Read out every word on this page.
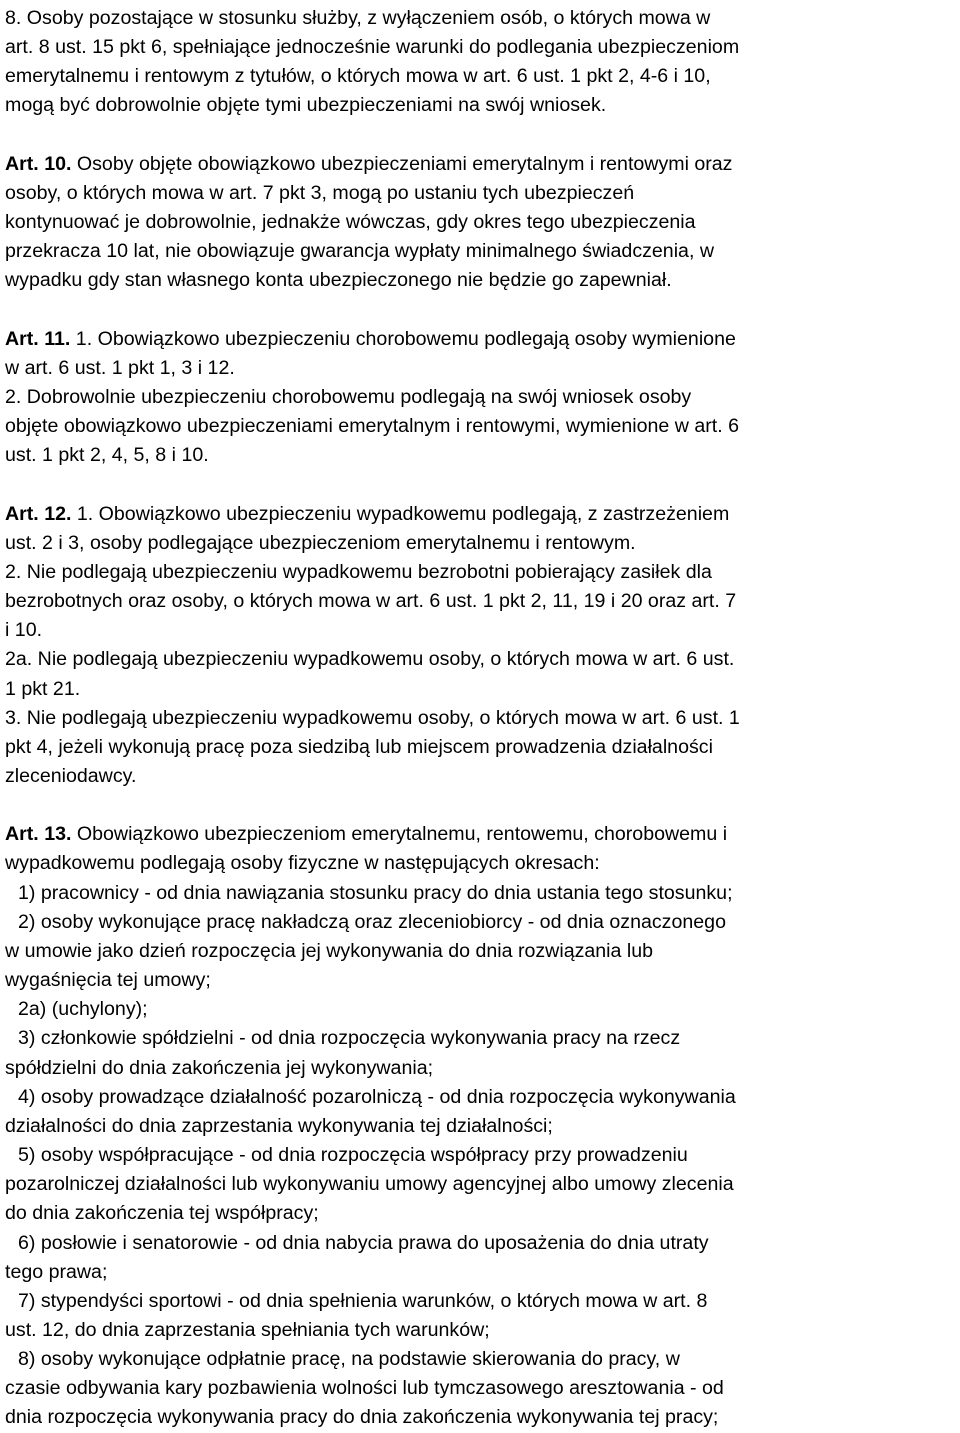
8. Osoby pozostające w stosunku służby, z wyłączeniem osób, o których mowa w
art. 8 ust. 15 pkt 6, spełniające jednocześnie warunki do podlegania ubezpieczeniom
emerytalnemu i rentowym z tytułów, o których mowa w art. 6 ust. 1 pkt 2, 4-6 i 10,
mogą być dobrowolnie objęte tymi ubezpieczeniami na swój wniosek.
Art. 10. Osoby objęte obowiązkowo ubezpieczeniami emerytalnym i rentowymi oraz
osoby, o których mowa w art. 7 pkt 3, mogą po ustaniu tych ubezpieczeń
kontynuować je dobrowolnie, jednakże wówczas, gdy okres tego ubezpieczenia
przekracza 10 lat, nie obowiązuje gwarancja wypłaty minimalnego świadczenia, w
wypadku gdy stan własnego konta ubezpieczonego nie będzie go zapewniał.
Art. 11. 1. Obowiązkowo ubezpieczeniu chorobowemu podlegają osoby wymienione
w art. 6 ust. 1 pkt 1, 3 i 12.
2. Dobrowolnie ubezpieczeniu chorobowemu podlegają na swój wniosek osoby
objęte obowiązkowo ubezpieczeniami emerytalnym i rentowymi, wymienione w art. 6
ust. 1 pkt 2, 4, 5, 8 i 10.
Art. 12. 1. Obowiązkowo ubezpieczeniu wypadkowemu podlegają, z zastrzeżeniem
ust. 2 i 3, osoby podlegające ubezpieczeniom emerytalnemu i rentowym.
2. Nie podlegają ubezpieczeniu wypadkowemu bezrobotni pobierający zasiłek dla
bezrobotnych oraz osoby, o których mowa w art. 6 ust. 1 pkt 2, 11, 19 i 20 oraz art. 7
i 10.
2a. Nie podlegają ubezpieczeniu wypadkowemu osoby, o których mowa w art. 6 ust.
1 pkt 21.
3. Nie podlegają ubezpieczeniu wypadkowemu osoby, o których mowa w art. 6 ust. 1
pkt 4, jeżeli wykonują pracę poza siedzibą lub miejscem prowadzenia działalności
zleceniodawcy.
Art. 13. Obowiązkowo ubezpieczeniom emerytalnemu, rentowemu, chorobowemu i
wypadkowemu podlegają osoby fizyczne w następujących okresach:
1) pracownicy - od dnia nawiązania stosunku pracy do dnia ustania tego stosunku;
2) osoby wykonujące pracę nakładczą oraz zleceniobiorcy - od dnia oznaczonego
w umowie jako dzień rozpoczęcia jej wykonywania do dnia rozwiązania lub
wygaśnięcia tej umowy;
2a) (uchylony);
3) członkowie spółdzielni - od dnia rozpoczęcia wykonywania pracy na rzecz
spółdzielni do dnia zakończenia jej wykonywania;
4) osoby prowadzące działalność pozarolniczą - od dnia rozpoczęcia wykonywania
działalności do dnia zaprzestania wykonywania tej działalności;
5) osoby współpracujące - od dnia rozpoczęcia współpracy przy prowadzeniu
pozarolniczej działalności lub wykonywaniu umowy agencyjnej albo umowy zlecenia
do dnia zakończenia tej współpracy;
6) posłowie i senatorowie - od dnia nabycia prawa do uposażenia do dnia utraty
tego prawa;
7) stypendyści sportowi - od dnia spełnienia warunków, o których mowa w art. 8
ust. 12, do dnia zaprzestania spełniania tych warunków;
8) osoby wykonujące odpłatnie pracę, na podstawie skierowania do pracy, w
czasie odbywania kary pozbawienia wolności lub tymczasowego aresztowania - od
dnia rozpoczęcia wykonywania pracy do dnia zakończenia wykonywania tej pracy;
